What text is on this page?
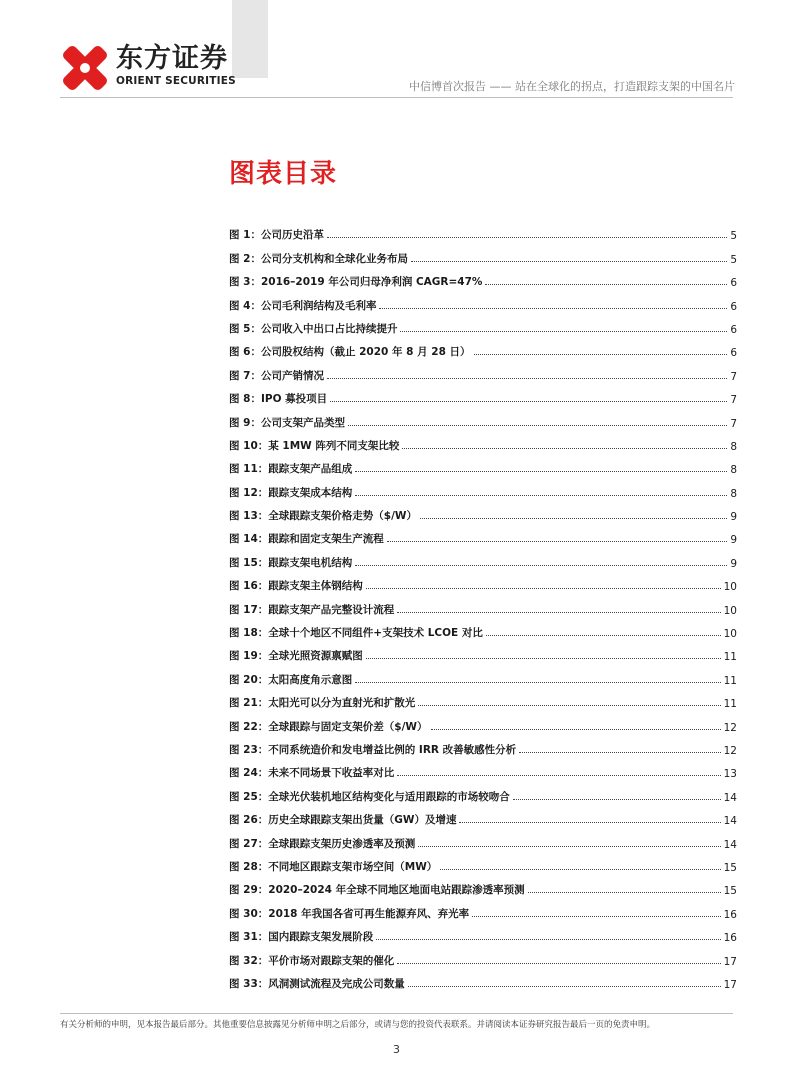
东方证券
ORIENT SECURITIES	中信博首次报告 —— 站在全球化的拐点，打造跟踪支架的中国名片
图表目录
图 1：公司历史沿革	5
图 2：公司分支机构和全球化业务布局	5
图 3：2016–2019 年公司归母净利润 CAGR=47%	6
图 4：公司毛利润结构及毛利率	6
图 5：公司收入中出口占比持续提升	6
图 6：公司股权结构（截止 2020 年 8 月 28 日）	6
图 7：公司产销情况	7
图 8：IPO 募投项目	7
图 9：公司支架产品类型	7
图 10：某 1MW 阵列不同支架比较	8
图 11：跟踪支架产品组成	8
图 12：跟踪支架成本结构	8
图 13：全球跟踪支架价格走势（$/W）	9
图 14：跟踪和固定支架生产流程	9
图 15：跟踪支架电机结构	9
图 16：跟踪支架主体钢结构	10
图 17：跟踪支架产品完整设计流程	10
图 18：全球十个地区不同组件+支架技术 LCOE 对比	10
图 19：全球光照资源禀赋图	11
图 20：太阳高度角示意图	11
图 21：太阳光可以分为直射光和扩散光	11
图 22：全球跟踪与固定支架价差（$/W）	12
图 23：不同系统造价和发电增益比例的 IRR 改善敏感性分析	12
图 24：未来不同场景下收益率对比	13
图 25：全球光伏装机地区结构变化与适用跟踪的市场较吻合	14
图 26：历史全球跟踪支架出货量（GW）及增速	14
图 27：全球跟踪支架历史渗透率及预测	14
图 28：不同地区跟踪支架市场空间（MW）	15
图 29：2020–2024 年全球不同地区地面电站跟踪渗透率预测	15
图 30：2018 年我国各省可再生能源弃风、弃光率	16
图 31：国内跟踪支架发展阶段	16
图 32：平价市场对跟踪支架的催化	17
图 33：风洞测试流程及完成公司数量	17
有关分析师的申明，见本报告最后部分。其他重要信息披露见分析师申明之后部分，或请与您的投资代表联系。并请阅读本证券研究报告最后一页的免责申明。
3
